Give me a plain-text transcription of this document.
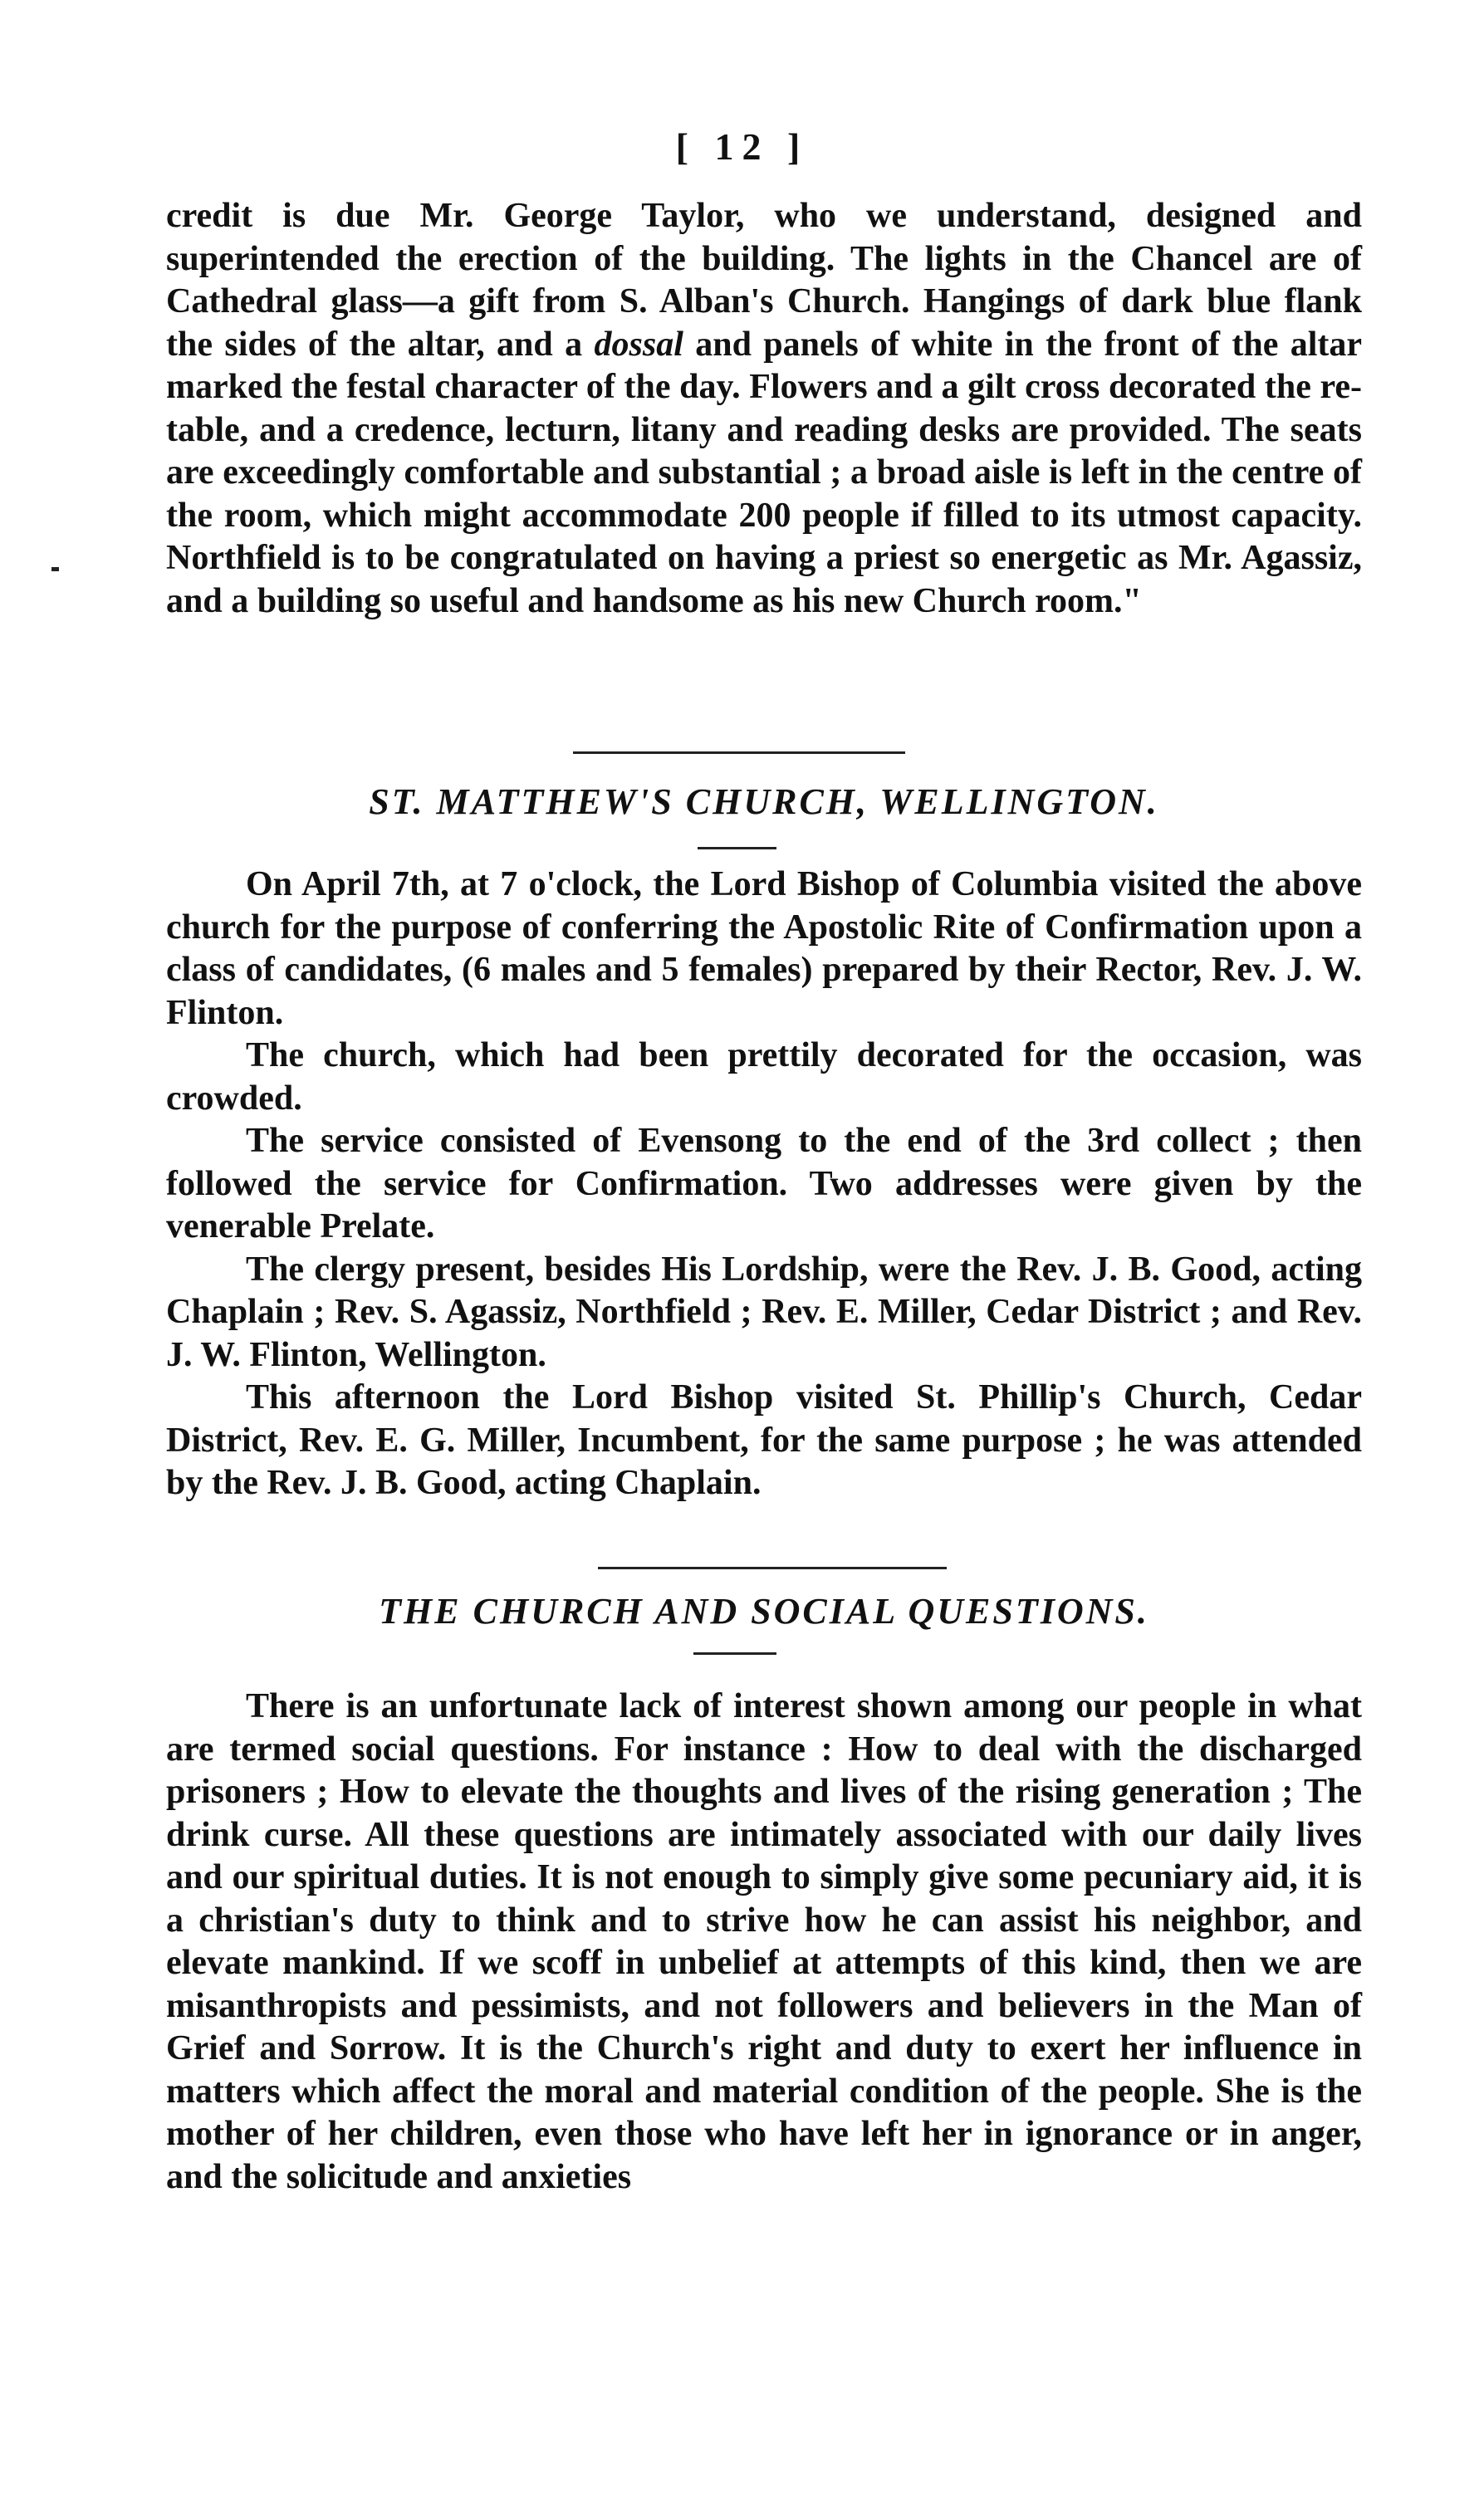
[ 12 ]

credit is due Mr. George Taylor, who we understand, designed and superintended the erection of the building. The lights in the Chancel are of Cathedral glass—a gift from S. Alban's Church. Hangings of dark blue flank the sides of the altar, and a dossal and panels of white in the front of the altar marked the festal character of the day. Flowers and a gilt cross decorated the re-table, and a credence, lecturn, litany and reading desks are provided. The seats are exceedingly comfortable and substantial ; a broad aisle is left in the centre of the room, which might accommodate 200 people if filled to its utmost capacity. Northfield is to be congratulated on having a priest so energetic as Mr. Agassiz, and a building so useful and handsome as his new Church room."

ST. MATTHEW'S CHURCH, WELLINGTON.

On April 7th, at 7 o'clock, the Lord Bishop of Columbia visited the above church for the purpose of conferring the Apostolic Rite of Confirmation upon a class of candidates, (6 males and 5 females) prepared by their Rector, Rev. J. W. Flinton.

The church, which had been prettily decorated for the occasion, was crowded.

The service consisted of Evensong to the end of the 3rd collect ; then followed the service for Confirmation. Two addresses were given by the venerable Prelate.

The clergy present, besides His Lordship, were the Rev. J. B. Good, acting Chaplain ; Rev. S. Agassiz, Northfield ; Rev. E. Miller, Cedar District ; and Rev. J. W. Flinton, Wellington.

This afternoon the Lord Bishop visited St. Phillip's Church, Cedar District, Rev. E. G. Miller, Incumbent, for the same purpose ; he was attended by the Rev. J. B. Good, acting Chaplain.

THE CHURCH AND SOCIAL QUESTIONS.

There is an unfortunate lack of interest shown among our people in what are termed social questions. For instance : How to deal with the discharged prisoners ; How to elevate the thoughts and lives of the rising generation ; The drink curse. All these questions are intimately associated with our daily lives and our spiritual duties. It is not enough to simply give some pecuniary aid, it is a christian's duty to think and to strive how he can assist his neighbor, and elevate mankind. If we scoff in unbelief at attempts of this kind, then we are misanthropists and pessimists, and not followers and believers in the Man of Grief and Sorrow. It is the Church's right and duty to exert her influence in matters which affect the moral and material condition of the people. She is the mother of her children, even those who have left her in ignorance or in anger, and the solicitude and anxieties
